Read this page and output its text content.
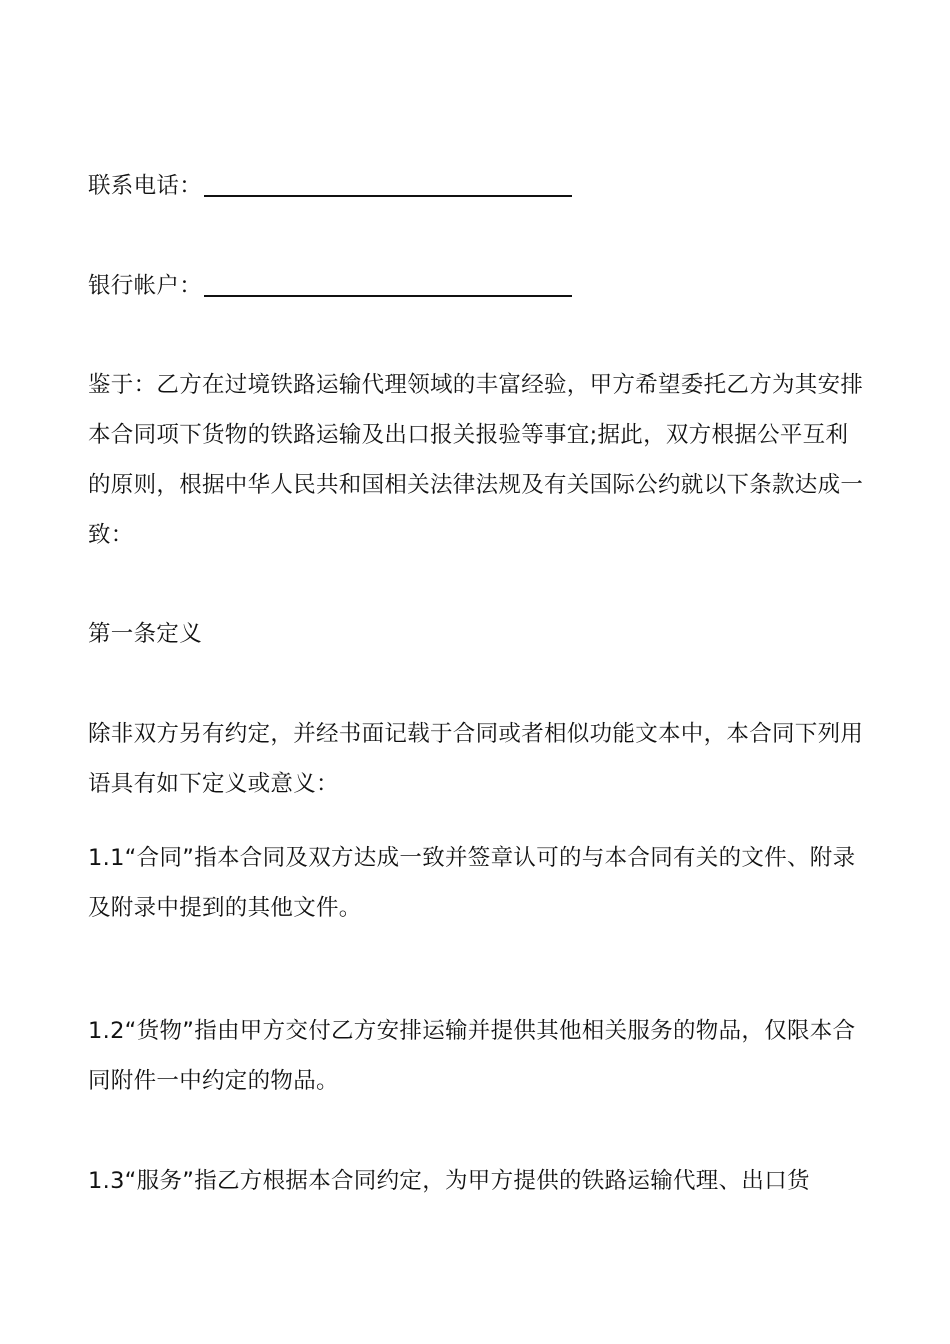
联系电话：
银行帐户：
鉴于：乙方在过境铁路运输代理领域的丰富经验，甲方希望委托乙方为其安排本合同项下货物的铁路运输及出口报关报验等事宜;据此，双方根据公平互利的原则，根据中华人民共和国相关法律法规及有关国际公约就以下条款达成一致：
第一条定义
除非双方另有约定，并经书面记载于合同或者相似功能文本中，本合同下列用语具有如下定义或意义：
1.1“合同”指本合同及双方达成一致并签章认可的与本合同有关的文件、附录及附录中提到的其他文件。
1.2“货物”指由甲方交付乙方安排运输并提供其他相关服务的物品，仅限本合同附件一中约定的物品。
1.3“服务”指乙方根据本合同约定，为甲方提供的铁路运输代理、出口货
